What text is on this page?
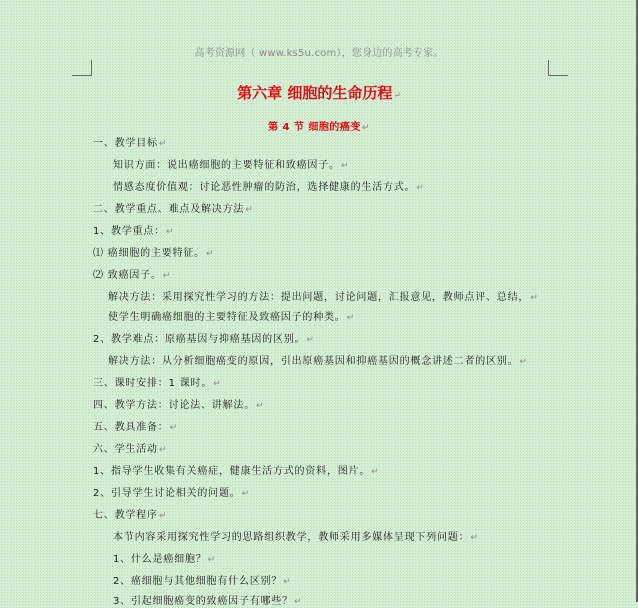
高考资源网（ www.ks5u.com），您身边的高考专家。
第六章 细胞的生命历程↵
第 4 节 细胞的癌变↵
一、教学目标↵
知识方面：说出癌细胞的主要特征和致癌因子。↵
情感态度价值观：讨论恶性肿瘤的防治，选择健康的生活方式。↵
二、教学重点、难点及解决方法↵
1、教学重点：↵
⑴ 癌细胞的主要特征。↵
⑵ 致癌因子。↵
解决方法：采用探究性学习的方法：提出问题，讨论问题，汇报意见，教师点评、总结，↵
使学生明确癌细胞的主要特征及致癌因子的种类。↵
2、教学难点：原癌基因与抑癌基因的区别。↵
解决方法：从分析细胞癌变的原因，引出原癌基因和抑癌基因的概念讲述二者的区别。↵
三、课时安排：1 课时。↵
四、教学方法：讨论法、讲解法。↵
五、教具准备：↵
六、学生活动↵
1、指导学生收集有关癌症，健康生活方式的资料，图片。↵
2、引导学生讨论相关的问题。↵
七、教学程序↵
本节内容采用探究性学习的思路组织教学，教师采用多媒体呈现下列问题：↵
1、什么是癌细胞？↵
2、癌细胞与其他细胞有什么区别？↵
3、引起细胞癌变的致癌因子有哪些？↵
